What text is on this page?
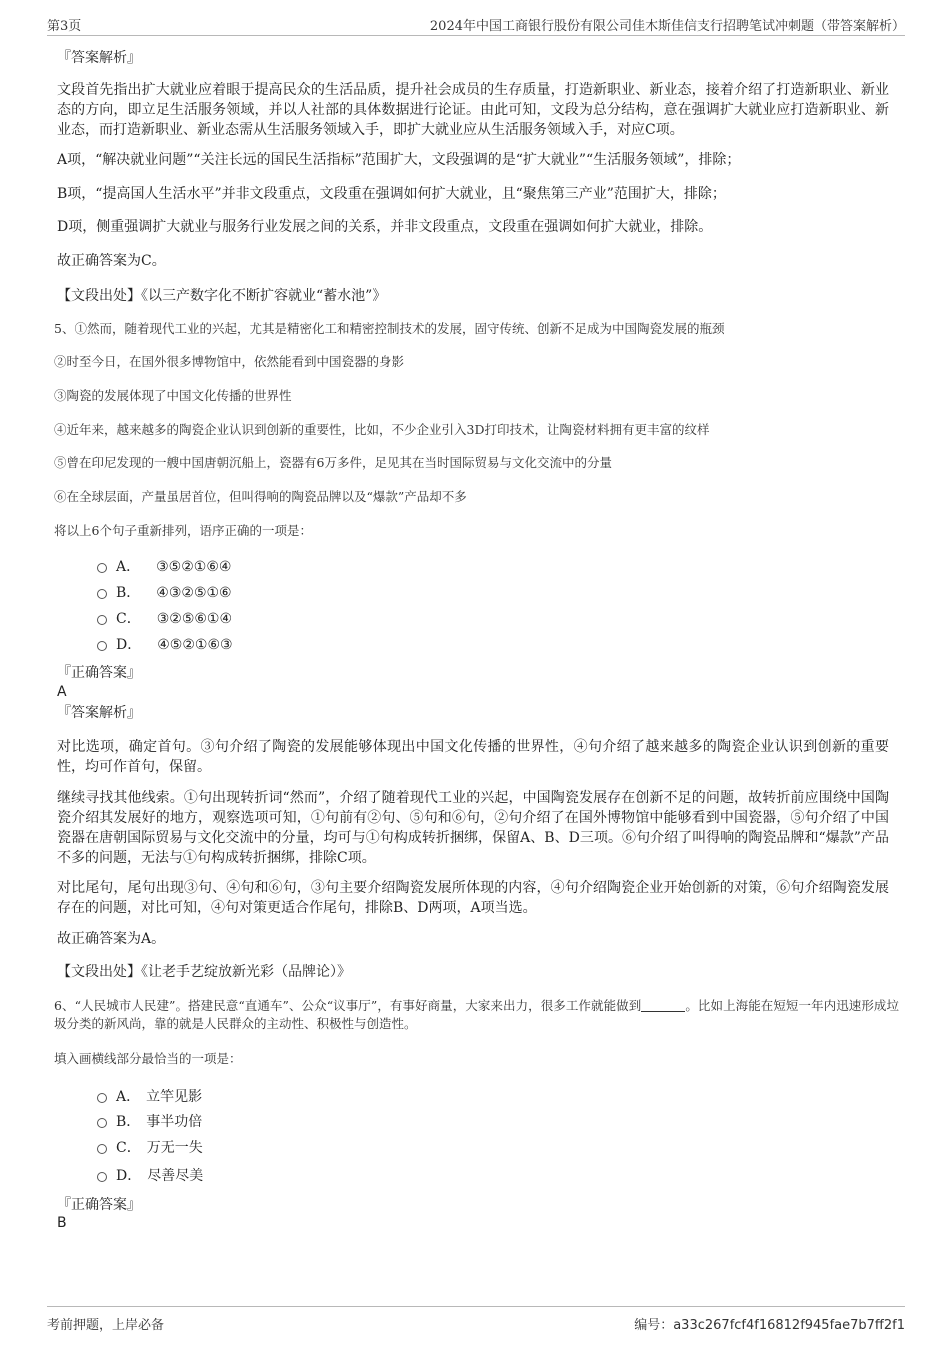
第3页	2024年中国工商银行股份有限公司佳木斯佳信支行招聘笔试冲刺题（带答案解析）
『答案解析』
文段首先指出扩大就业应着眼于提高民众的生活品质，提升社会成员的生存质量，打造新职业、新业态，接着介绍了打造新职业、新业态的方向，即立足生活服务领域，并以人社部的具体数据进行论证。由此可知，文段为总分结构，意在强调扩大就业应打造新职业、新业态，而打造新职业、新业态需从生活服务领域入手，即扩大就业应从生活服务领域入手，对应C项。
A项，“解决就业问题”“关注长远的国民生活指标”范围扩大，文段强调的是“扩大就业”“生活服务领域”，排除；
B项，“提高国人生活水平”并非文段重点，文段重在强调如何扩大就业，且“聚焦第三产业”范围扩大，排除；
D项，侧重强调扩大就业与服务行业发展之间的关系，并非文段重点，文段重在强调如何扩大就业，排除。
故正确答案为C。
【文段出处】《以三产数字化不断扩容就业“蓄水池”》
5、①然而，随着现代工业的兴起，尤其是精密化工和精密控制技术的发展，固守传统、创新不足成为中国陶瓷发展的瓶颈
②时至今日，在国外很多博物馆中，依然能看到中国瓷器的身影
③陶瓷的发展体现了中国文化传播的世界性
④近年来，越来越多的陶瓷企业认识到创新的重要性，比如，不少企业引入3D打印技术，让陶瓷材料拥有更丰富的纹样
⑤曾在印尼发现的一艘中国唐朝沉船上，瓷器有6万多件，足见其在当时国际贸易与文化交流中的分量
⑥在全球层面，产量虽居首位，但叫得响的陶瓷品牌以及“爆款”产品却不多
将以上6个句子重新排列，语序正确的一项是：
A． ③⑤②①⑥④
B． ④③②⑤①⑥
C． ③②⑤⑥①④
D． ④⑤②①⑥③
『正确答案』
A
『答案解析』
对比选项，确定首句。③句介绍了陶瓷的发展能够体现出中国文化传播的世界性，④句介绍了越来越多的陶瓷企业认识到创新的重要性，均可作首句，保留。
继续寻找其他线索。①句出现转折词“然而”，介绍了随着现代工业的兴起，中国陶瓷发展存在创新不足的问题，故转折前应围绕中国陶瓷介绍其发展好的地方，观察选项可知，①句前有②句、⑤句和⑥句，②句介绍了在国外博物馆中能够看到中国瓷器，⑤句介绍了中国瓷器在唐朝国际贸易与文化交流中的分量，均可与①句构成转折捆绑，保留A、B、D三项。⑥句介绍了叫得响的陶瓷品牌和“爆款”产品不多的问题，无法与①句构成转折捆绑，排除C项。
对比尾句，尾句出现③句、④句和⑥句，③句主要介绍陶瓷发展所体现的内容，④句介绍陶瓷企业开始创新的对策，⑥句介绍陶瓷发展存在的问题，对比可知，④句对策更适合作尾句，排除B、D两项，A项当选。
故正确答案为A。
【文段出处】《让老手艺绽放新光彩（品牌论）》
6、“人民城市人民建”。搭建民意“直通车”、公众“议事厅”，有事好商量，大家来出力，很多工作就能做到	。比如上海能在短短一年内迅速形成垃圾分类的新风尚，靠的就是人民群众的主动性、积极性与创造性。
填入画横线部分最恰当的一项是：
A． 立竿见影
B． 事半功倍
C． 万无一失
D． 尽善尽美
『正确答案』
B
考前押题，上岸必备	编号：a33c267fcf4f16812f945fae7b7ff2f1
